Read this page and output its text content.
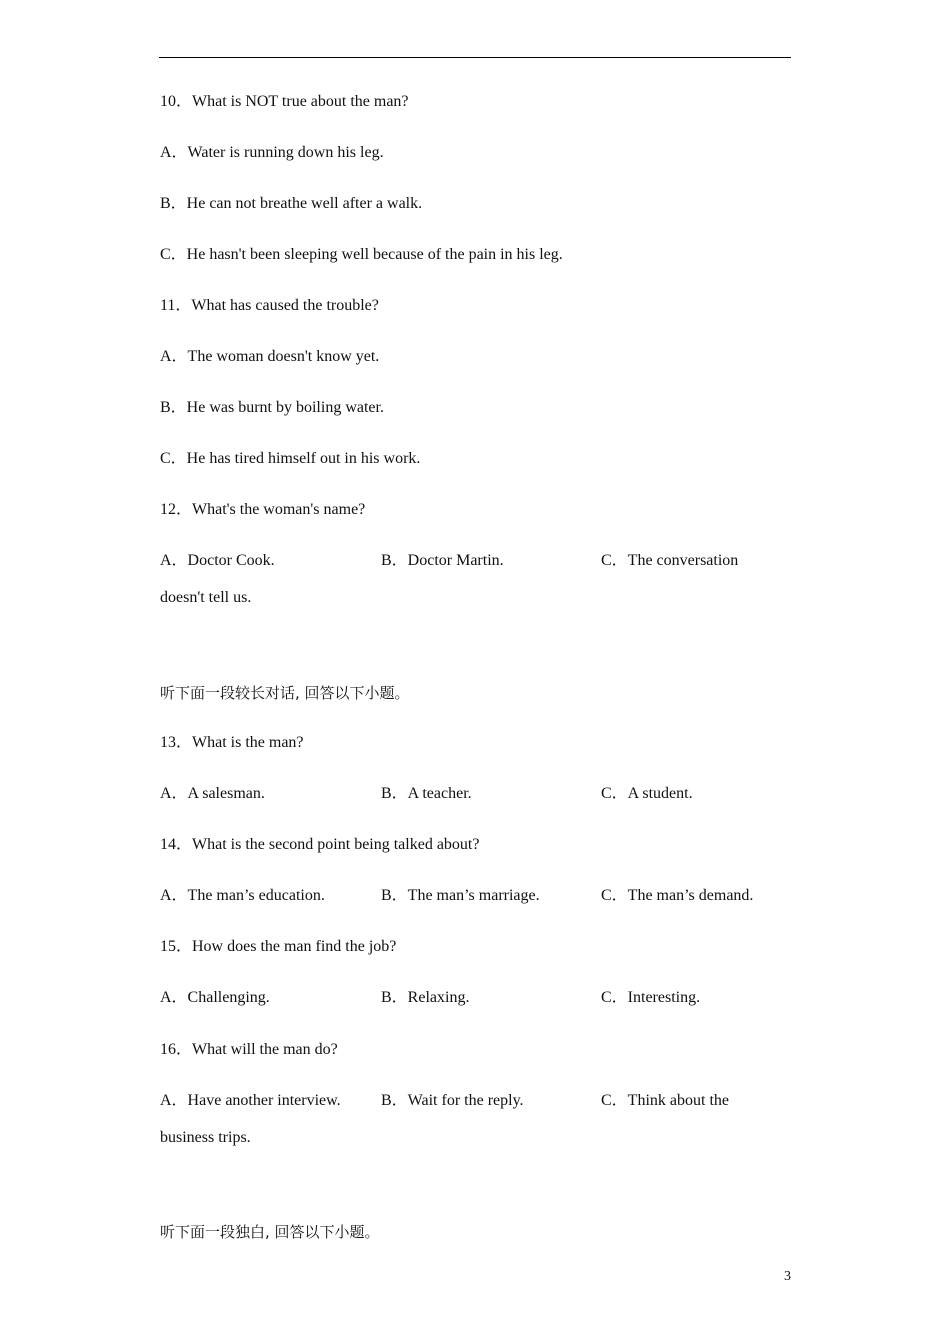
10．What is NOT true about the man?
A．Water is running down his leg.
B．He can not breathe well after a walk.
C．He hasn't been sleeping well because of the pain in his leg.
11．What has caused the trouble?
A．The woman doesn't know yet.
B．He was burnt by boiling water.
C．He has tired himself out in his work.
12．What's the woman's name?
A．Doctor Cook.	B．Doctor Martin.	C．The conversation
doesn't tell us.
听下面一段较长对话, 回答以下小题。
13．What is the man?
A．A salesman.	B．A teacher.	C．A student.
14．What is the second point being talked about?
A．The man’s education.	B．The man’s marriage.	C．The man’s demand.
15．How does the man find the job?
A．Challenging.	B．Relaxing.	C．Interesting.
16．What will the man do?
A．Have another interview.	B．Wait for the reply.	C．Think about the
business trips.
听下面一段独白, 回答以下小题。
3
